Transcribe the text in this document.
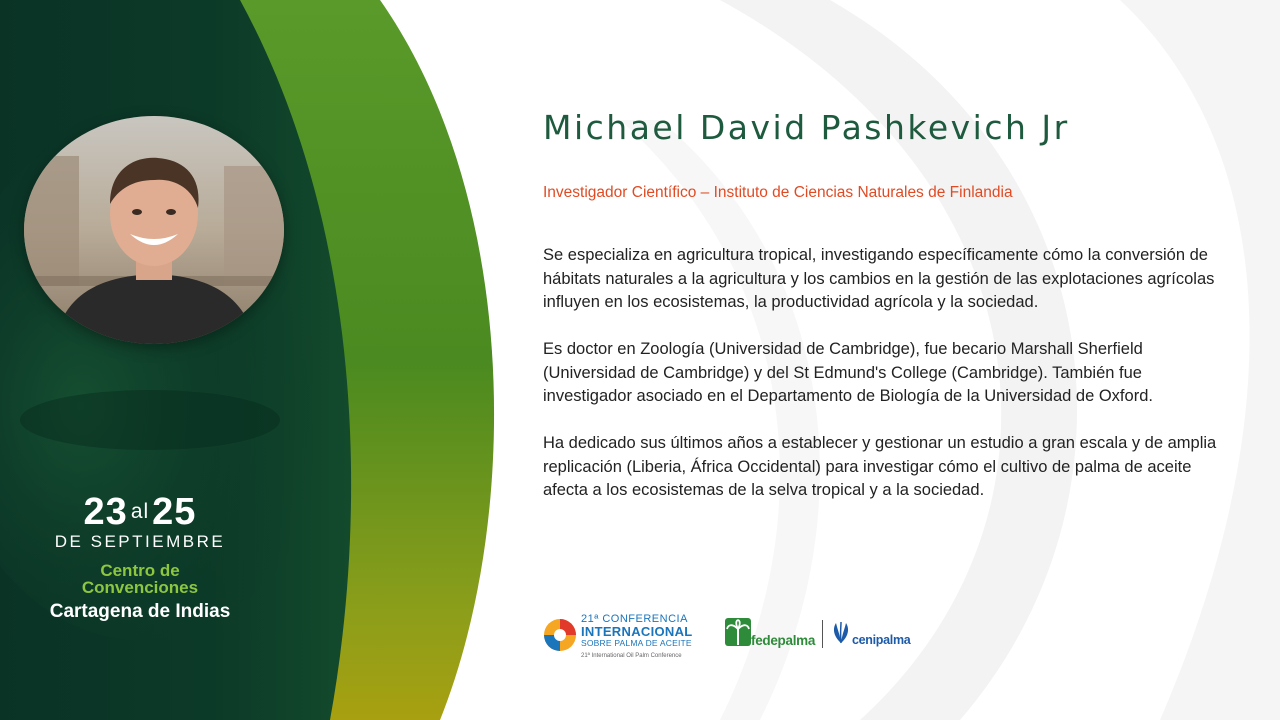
23 al25
DE SEPTIEMBRE
Centro de
Convenciones
Cartagena de Indias
Michael David Pashkevich Jr
Investigador Científico – Instituto de Ciencias Naturales de Finlandia

Se especializa en agricultura tropical, investigando específicamente cómo la conversión de hábitats naturales a la agricultura y los cambios en la gestión de las explotaciones agrícolas influyen en los ecosistemas, la productividad agrícola y la sociedad.

Es doctor en Zoología (Universidad de Cambridge), fue becario Marshall Sherfield (Universidad de Cambridge) y del St Edmund's College (Cambridge). También fue investigador asociado en el Departamento de Biología de la Universidad de Oxford.

Ha dedicado sus últimos años a establecer y gestionar un estudio a gran escala y de amplia replicación (Liberia, África Occidental) para investigar cómo el cultivo de palma de aceite afecta a los ecosistemas de la selva tropical y a la sociedad.

21ª CONFERENCIA
INTERNACIONAL
SOBRE PALMA DE ACEITE
21ª International Oil Palm Conference
fedepalma	cenipalma
